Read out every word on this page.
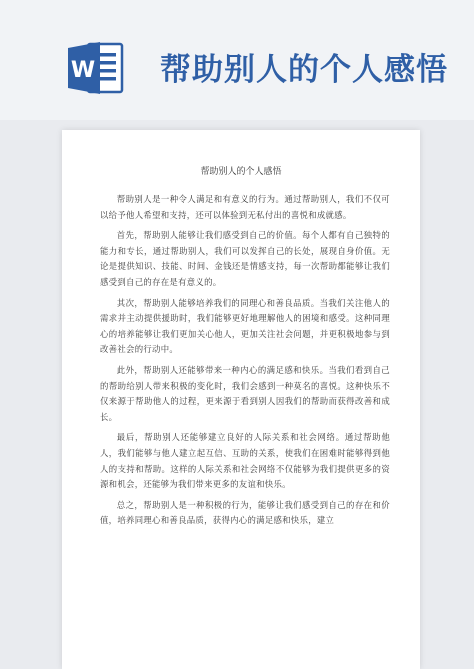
W 帮助别人的个人感悟
帮助别人的个人感悟

帮助别人是一种令人满足和有意义的行为。通过帮助别人，我们不仅可以给予他人希望和支持，还可以体验到无私付出的喜悦和成就感。

首先，帮助别人能够让我们感受到自己的价值。每个人都有自己独特的能力和专长，通过帮助别人，我们可以发挥自己的长处，展现自身价值。无论是提供知识、技能、时间、金钱还是情感支持，每一次帮助都能够让我们感受到自己的存在是有意义的。

其次，帮助别人能够培养我们的同理心和善良品质。当我们关注他人的需求并主动提供援助时，我们能够更好地理解他人的困境和感受。这种同理心的培养能够让我们更加关心他人，更加关注社会问题，并更积极地参与到改善社会的行动中。

此外，帮助别人还能够带来一种内心的满足感和快乐。当我们看到自己的帮助给别人带来积极的变化时，我们会感到一种莫名的喜悦。这种快乐不仅来源于帮助他人的过程，更来源于看到别人因我们的帮助而获得改善和成长。

最后，帮助别人还能够建立良好的人际关系和社会网络。通过帮助他人，我们能够与他人建立起互信、互助的关系，使我们在困难时能够得到他人的支持和帮助。这样的人际关系和社会网络不仅能够为我们提供更多的资源和机会，还能够为我们带来更多的友谊和快乐。

总之，帮助别人是一种积极的行为，能够让我们感受到自己的存在和价值，培养同理心和善良品质，获得内心的满足感和快乐，建立
